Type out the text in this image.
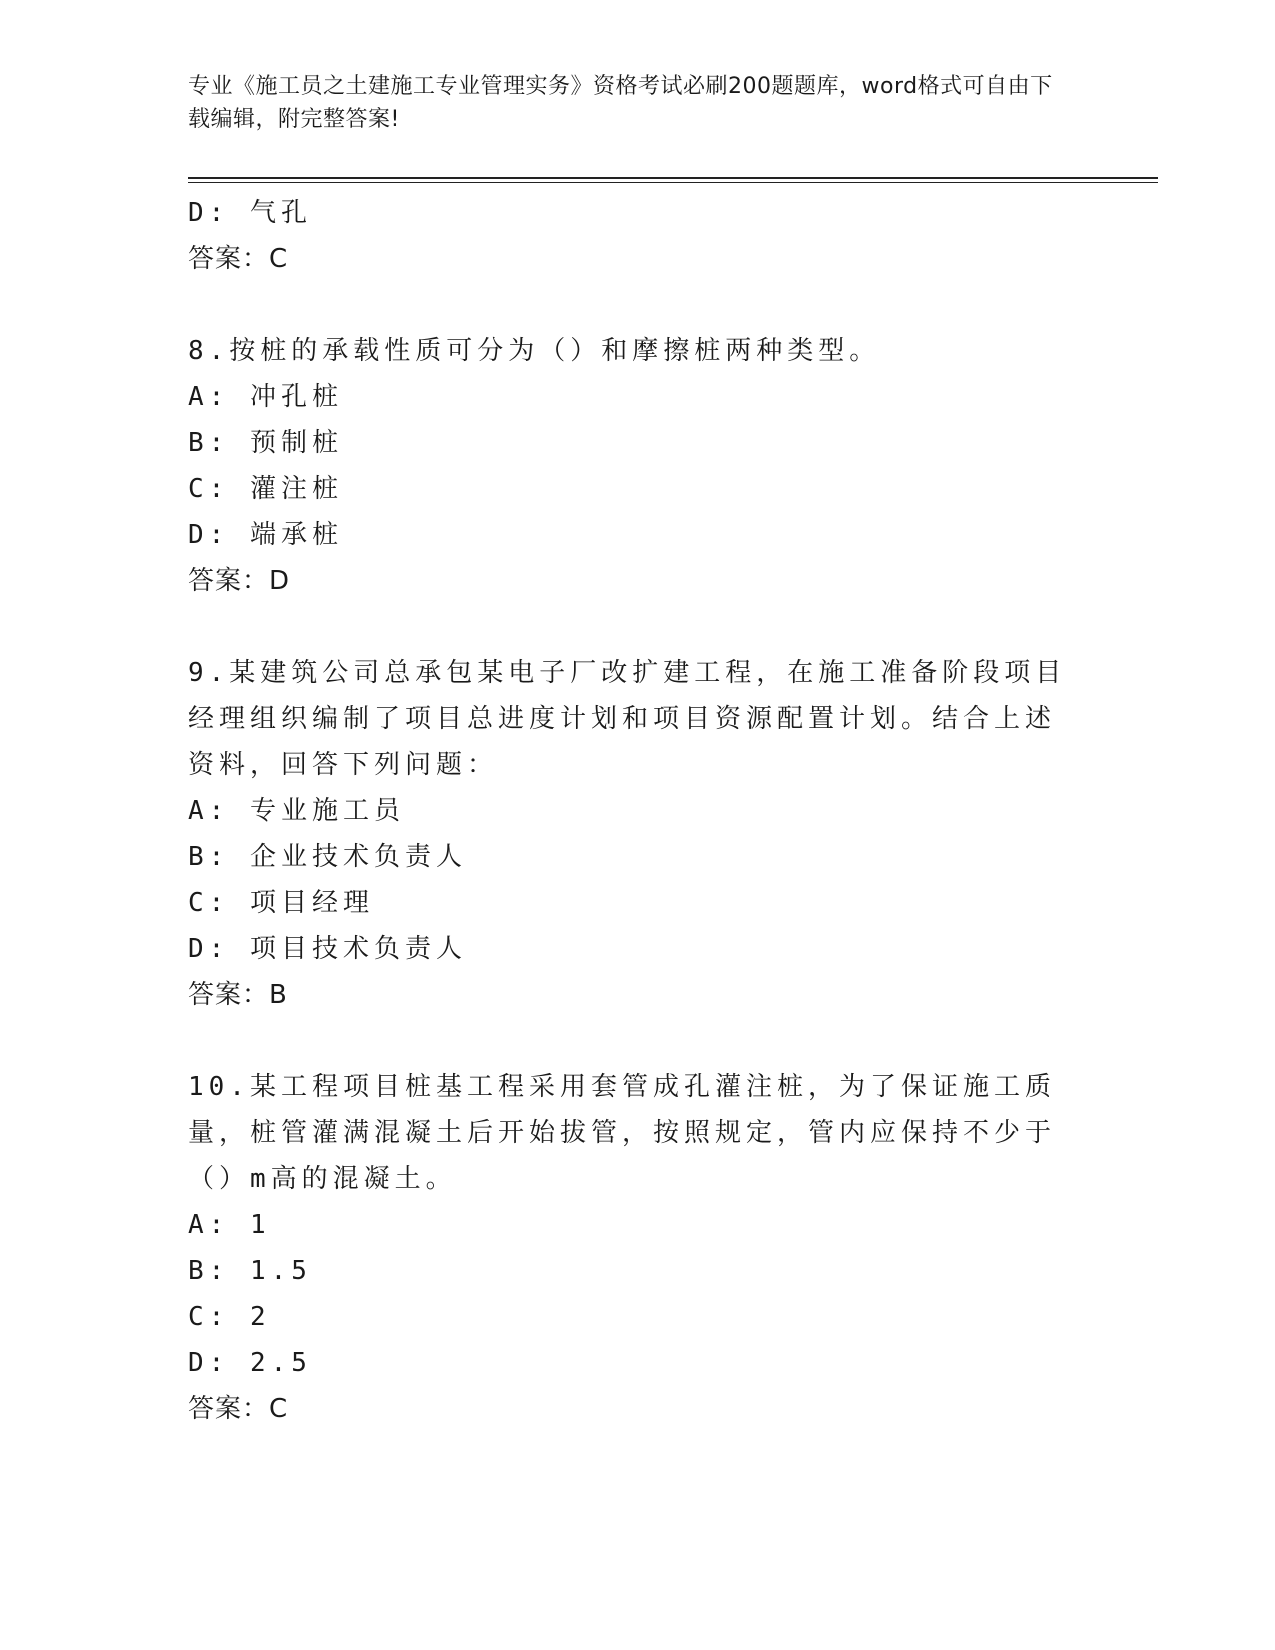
专业《施工员之土建施工专业管理实务》资格考试必刷200题题库，word格式可自由下载编辑，附完整答案!
D: 气孔
答案：C
8.按桩的承载性质可分为（）和摩擦桩两种类型。
A: 冲孔桩
B: 预制桩
C: 灌注桩
D: 端承桩
答案：D
9.某建筑公司总承包某电子厂改扩建工程，在施工准备阶段项目经理组织编制了项目总进度计划和项目资源配置计划。结合上述资料，回答下列问题：
A: 专业施工员
B: 企业技术负责人
C: 项目经理
D: 项目技术负责人
答案：B
10.某工程项目桩基工程采用套管成孔灌注桩，为了保证施工质量，桩管灌满混凝土后开始拔管，按照规定，管内应保持不少于（）m高的混凝土。
A: 1
B: 1.5
C: 2
D: 2.5
答案：C
